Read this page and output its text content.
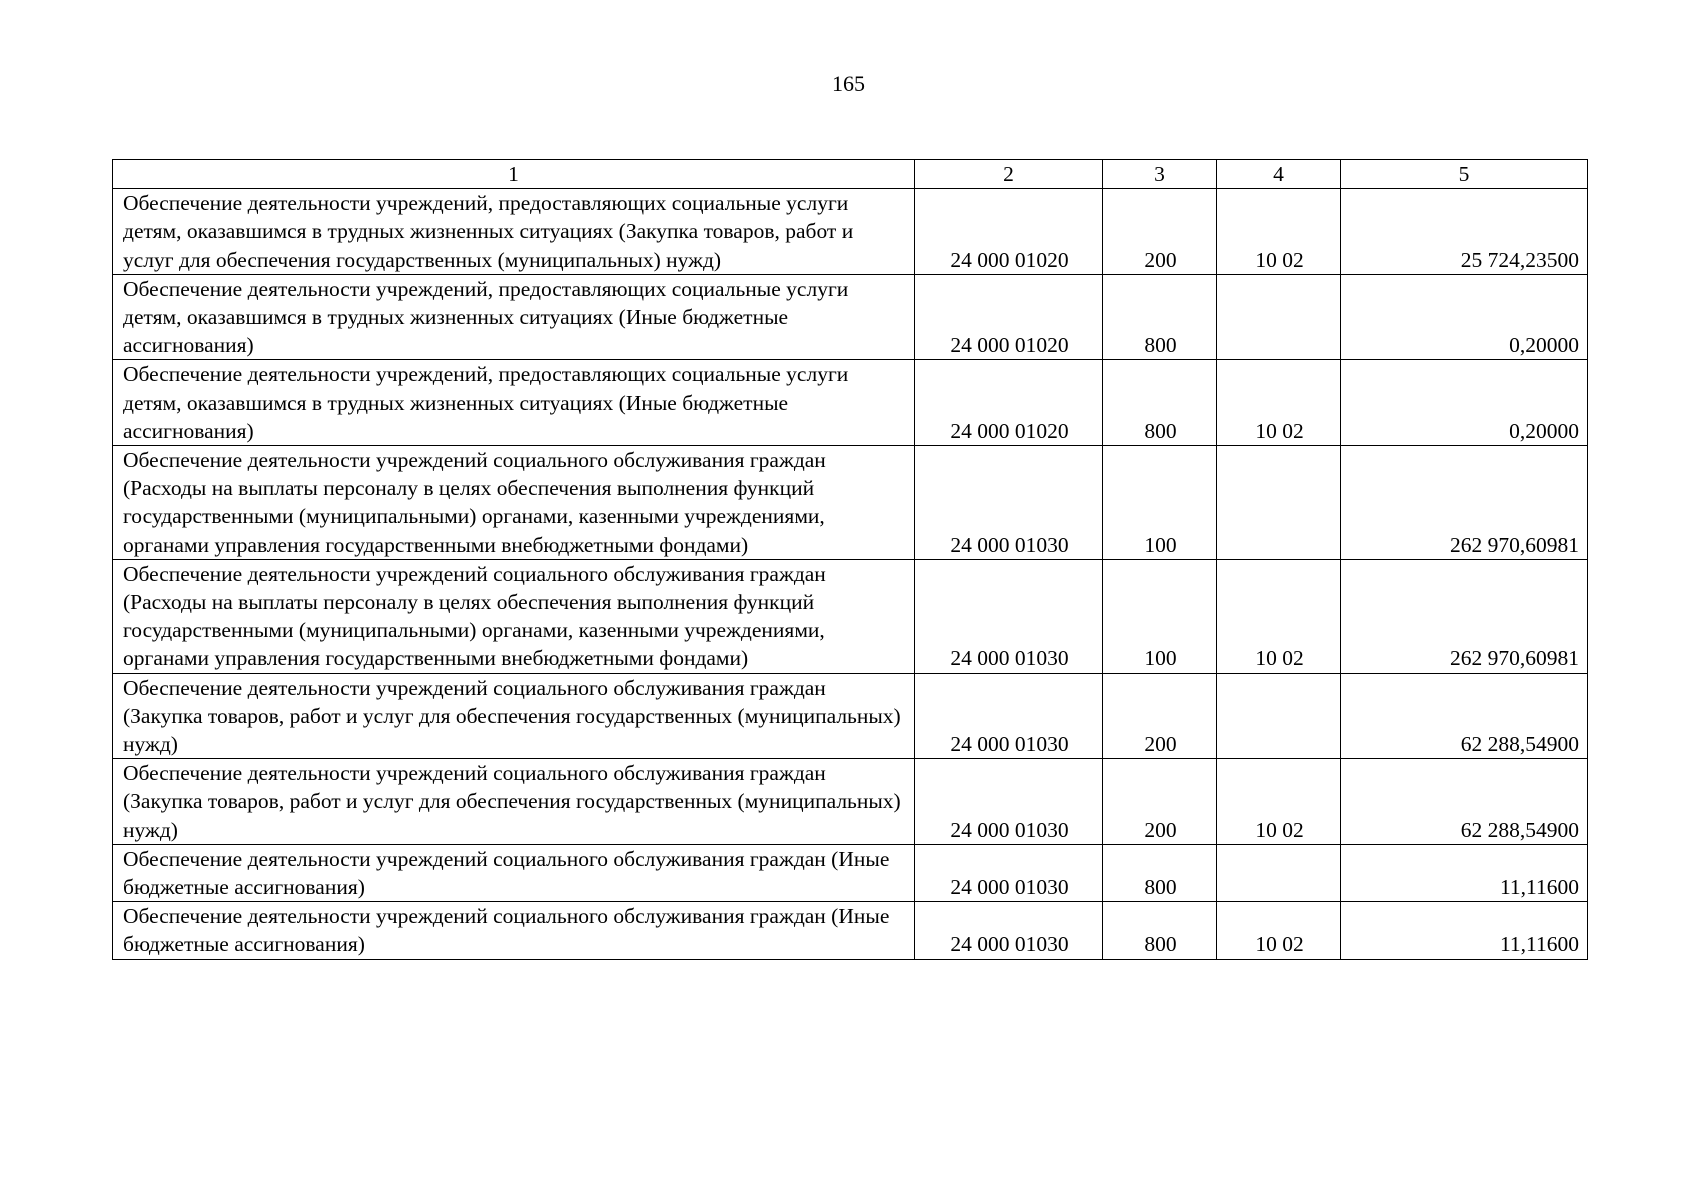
165
1	2	3	4	5
Обеспечение деятельности учреждений, предоставляющих социальные услуги детям, оказавшимся в трудных жизненных ситуациях (Закупка товаров, работ и услуг для обеспечения государственных (муниципальных) нужд)	24 000 01020	200	10 02	25 724,23500
Обеспечение деятельности учреждений, предоставляющих социальные услуги детям, оказавшимся в трудных жизненных ситуациях (Иные бюджетные ассигнования)	24 000 01020	800		0,20000
Обеспечение деятельности учреждений, предоставляющих социальные услуги детям, оказавшимся в трудных жизненных ситуациях (Иные бюджетные ассигнования)	24 000 01020	800	10 02	0,20000
Обеспечение деятельности учреждений социального обслуживания граждан (Расходы на выплаты персоналу в целях обеспечения выполнения функций государственными (муниципальными) органами, казенными учреждениями, органами управления государственными внебюджетными фондами)	24 000 01030	100		262 970,60981
Обеспечение деятельности учреждений социального обслуживания граждан (Расходы на выплаты персоналу в целях обеспечения выполнения функций государственными (муниципальными) органами, казенными учреждениями, органами управления государственными внебюджетными фондами)	24 000 01030	100	10 02	262 970,60981
Обеспечение деятельности учреждений социального обслуживания граждан (Закупка товаров, работ и услуг для обеспечения государственных (муниципальных) нужд)	24 000 01030	200		62 288,54900
Обеспечение деятельности учреждений социального обслуживания граждан (Закупка товаров, работ и услуг для обеспечения государственных (муниципальных) нужд)	24 000 01030	200	10 02	62 288,54900
Обеспечение деятельности учреждений социального обслуживания граждан (Иные бюджетные ассигнования)	24 000 01030	800		11,11600
Обеспечение деятельности учреждений социального обслуживания граждан (Иные бюджетные ассигнования)	24 000 01030	800	10 02	11,11600
